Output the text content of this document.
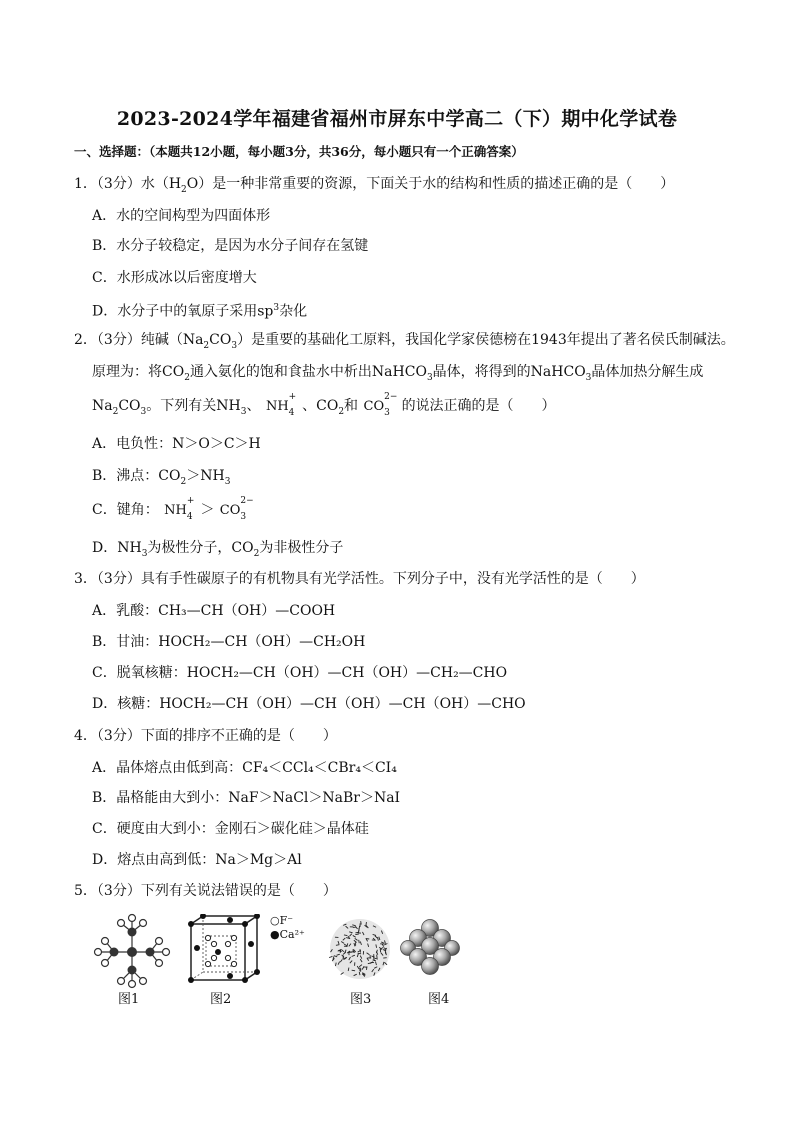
2023-2024学年福建省福州市屏东中学高二（下）期中化学试卷
一、选择题：（本题共12小题，每小题3分，共36分，每小题只有一个正确答案）
1．（3分）水$(H_2O)$是一种非常重要的资源，下面关于水的结构和性质的描述正确的是（　　）
A．水的空间构型为四面体形
B．水分子较稳定，是因为水分子间存在氢键
C．水形成冰以后密度增大
D．水分子中的氧原子采用$sp^3$杂化
2．（3分）纯碱$(Na_2CO_3)$是重要的基础化工原料，我国化学家侯德榜在1943年提出了著名侯氏制碱法。
原理为：将$CO_2$通入氨化的饱和食盐水中析出NaHCO$_3$晶体，将得到的NaHCO$_3$晶体加热分解生成
$Na_2CO_3$。下列有关$NH_3$、 NH
+
4 、$CO_2$和 CO
2−
3 的说法正确的是（　　）
A．电负性：N＞O＞C＞H
B．沸点：$CO_2>NH_3$
C．键角： NH
+
4 ＞ CO
2−
3
D．$NH_3$为极性分子，$CO_2$为非极性分子
3．（3分）具有手性碳原子的有机物具有光学活性。下列分子中，没有光学活性的是（　　）
A．乳酸：CH₃—CH（OH）—COOH
B．甘油：HOCH₂—CH（OH）—CH₂OH
C．脱氧核糖：HOCH₂—CH（OH）—CH（OH）—CH₂—CHO
D．核糖：HOCH₂—CH（OH）—CH（OH）—CH（OH）—CHO
4．（3分）下面的排序不正确的是（　　）
A．晶体熔点由低到高：CF₄＜CCl₄＜CBr₄＜CI₄
B．晶格能由大到小：NaF＞NaCl＞NaBr＞NaI
C．硬度由大到小：金刚石＞碳化硅＞晶体硅
D．熔点由高到低：Na＞Mg＞Al
5．（3分）下列有关说法错误的是（　　）
图1	图2
○F⁻
●Ca²⁺
图3	图4
